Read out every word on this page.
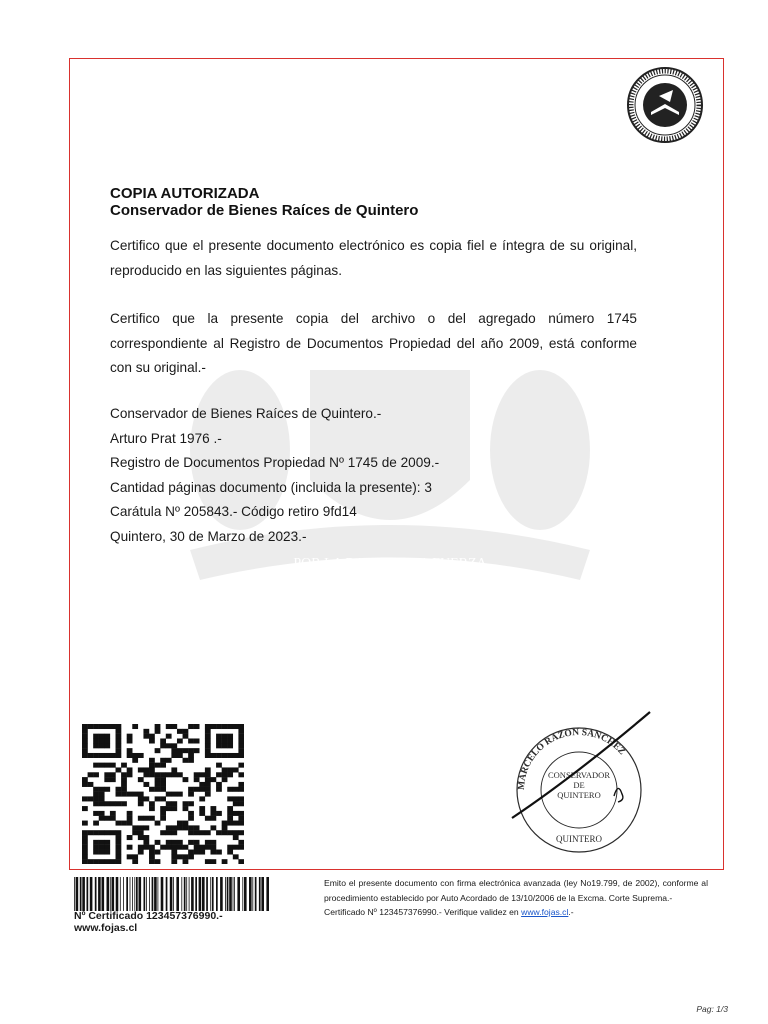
POR LA RAZON O LA FUERZA
COPIA AUTORIZADA
Conservador de Bienes Raíces de Quintero
Certifico que el presente documento electrónico es copia fiel e íntegra de su original, reproducido en las siguientes páginas.
Certifico que la presente copia del archivo o del agregado número 1745 correspondiente al Registro de Documentos Propiedad del año 2009, está conforme con su original.-
Conservador de Bienes Raíces de Quintero.-
Arturo Prat 1976 .-
Registro de Documentos Propiedad Nº 1745 de 2009.-
Cantidad páginas documento (incluida la presente): 3
Carátula Nº 205843.- Código retiro 9fd14
Quintero, 30 de Marzo de 2023.-
MARCELO RAZON SANCHEZ
CONSERVADOR
DE
QUINTERO
QUINTERO
Nº Certificado 123457376990.-
www.fojas.cl
Emito el presente documento con firma electrónica avanzada (ley No19.799, de 2002), conforme al procedimiento establecido por Auto Acordado de 13/10/2006 de la Excma. Corte Suprema.-
Certificado Nº 123457376990.- Verifique validez en www.fojas.cl.-
Pag: 1/3
